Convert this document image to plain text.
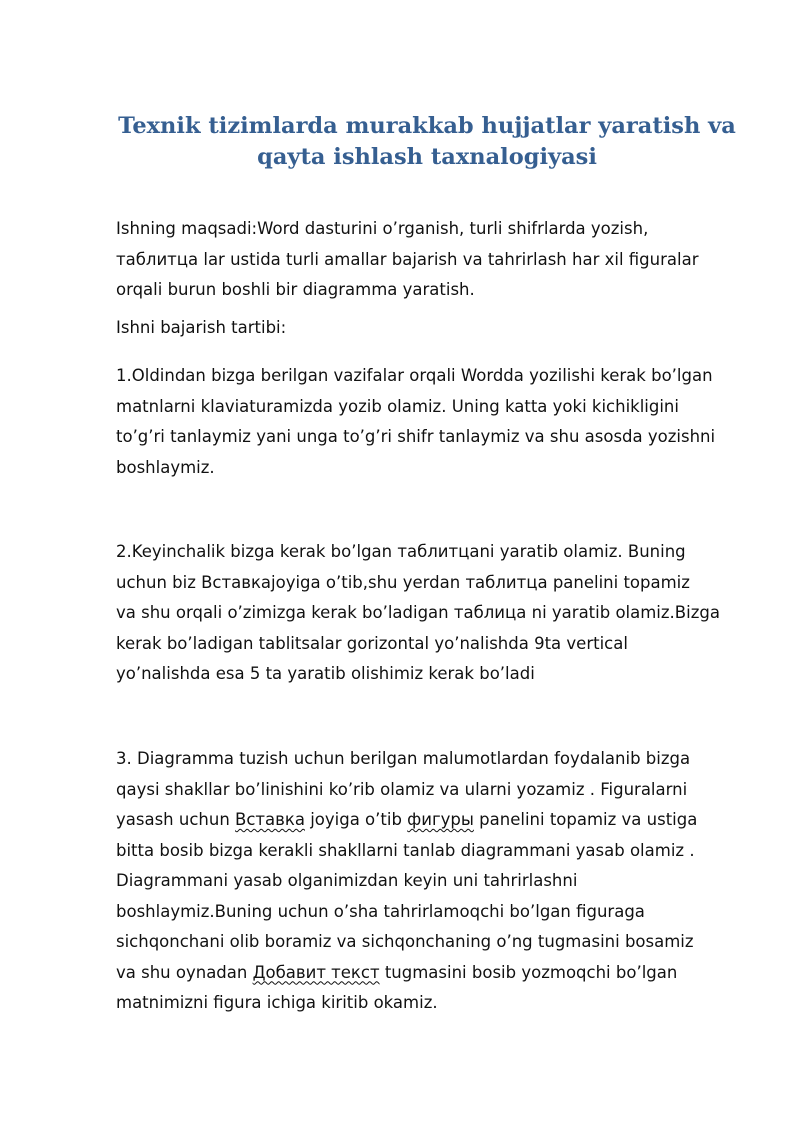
Texnik tizimlarda murakkab hujjatlar yaratish va
qayta ishlash taxnalogiyasi
Ishning maqsadi:Word dasturini o’rganish, turli shifrlarda yozish,
таблитца lar ustida turli amallar bajarish va tahrirlash har xil figuralar
orqali burun boshli bir diagramma yaratish.
Ishni bajarish tartibi:
1.Oldindan bizga berilgan vazifalar orqali Wordda yozilishi kerak bo’lgan
matnlarni klaviaturamizda yozib olamiz. Uning katta yoki kichikligini
to’g’ri tanlaymiz yani unga to’g’ri shifr tanlaymiz va shu asosda yozishni
boshlaymiz.
2.Keyinchalik bizga kerak bo’lgan таблитцani yaratib olamiz. Buning
uchun biz Вставкаjoyiga o’tib,shu yerdan таблитца panelini topamiz
va shu orqali o’zimizga kerak bo’ladigan таблица ni yaratib olamiz.Bizga
kerak bo’ladigan tablitsalar gorizontal yo’nalishda 9ta vertical
yo’nalishda esa 5 ta yaratib olishimiz kerak bo’ladi
3. Diagramma tuzish uchun berilgan malumotlardan foydalanib bizga
qaysi shakllar bo’linishini ko’rib olamiz va ularni yozamiz . Figuralarni
yasash uchun Вставка joyiga o’tib фигуры panelini topamiz va ustiga
bitta bosib bizga kerakli shakllarni tanlab diagrammani yasab olamiz .
Diagrammani yasab olganimizdan keyin uni tahrirlashni
boshlaymiz.Buning uchun o’sha tahrirlamoqchi bo’lgan figuraga
sichqonchani olib boramiz va sichqonchaning o’ng tugmasini bosamiz
va shu oynadan Добавит текст tugmasini bosib yozmoqchi bo’lgan
matnimizni figura ichiga kiritib okamiz.
